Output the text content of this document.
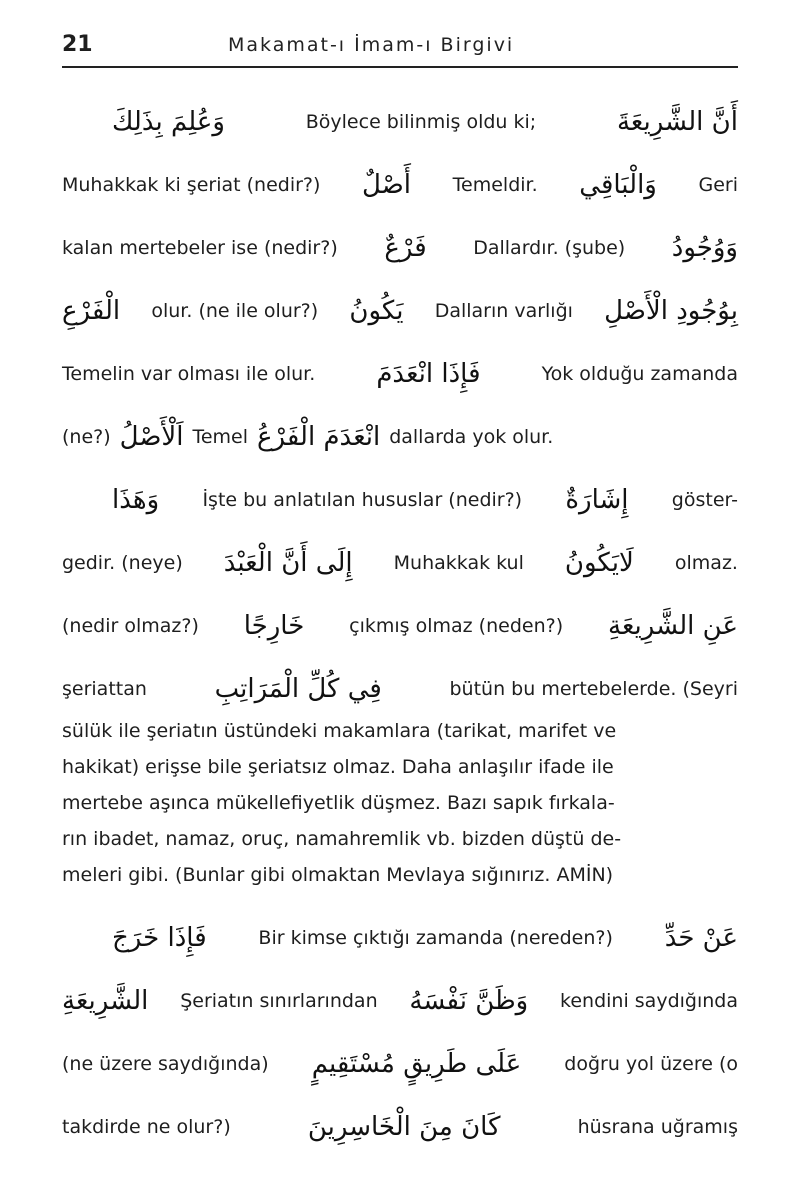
21	Makamat-ı İmam-ı Birgivi
وَعُلِمَ بِذَلِكَ	Böylece bilinmiş oldu ki;	أَنَّ الشَّرِيعَةَ
Muhakkak ki şeriat (nedir?) أَصْلٌ Temeldir. وَالْبَاقِي Geri
kalan mertebeler ise (nedir?) فَرْعٌ Dallardır. (şube) وَوُجُودُ
الْفَرْعِ olur. (ne ile olur?) يَكُونُ Dalların varlığı بِوُجُودِ الْأَصْلِ
Temelin var olması ile olur. فَإِذَا انْعَدَمَ	Yok olduğu zamanda
(ne?) اَلْأَصْلُ Temel انْعَدَمَ الْفَرْعُ dallarda yok olur.
وَهَذَا İşte bu anlatılan hususlar (nedir?) إِشَارَةٌ göster-
gedir. (neye) إِلَى أَنَّ الْعَبْدَ Muhakkak kul لَايَكُونُ olmaz.
(nedir olmaz?) خَارِجًا çıkmış olmaz (neden?) عَنِ الشَّرِيعَةِ
şeriattan	فِي كُلِّ الْمَرَاتِبِ	bütün bu mertebelerde. (Seyri
sülük ile şeriatın üstündeki makamlara (tarikat, marifet ve
hakikat) erişse bile şeriatsız olmaz. Daha anlaşılır ifade ile
mertebe aşınca mükellefiyetlik düşmez. Bazı sapık fırkala-
rın ibadet, namaz, oruç, namahremlik vb. bizden düştü de-
meleri gibi. (Bunlar gibi olmaktan Mevlaya sığınırız. AMİN)
فَإِذَا خَرَجَ	Bir kimse çıktığı zamanda (nereden?) عَنْ حَدِّ
الشَّرِيعَةِ Şeriatın sınırlarından وَظَنَّ نَفْسَهُ kendini saydığında
(ne üzere saydığında) عَلَى طَرِيقٍ مُسْتَقِيمٍ doğru yol üzere (o
takdirde ne olur?)	كَانَ مِنَ الْخَاسِرِينَ	hüsrana uğramış
